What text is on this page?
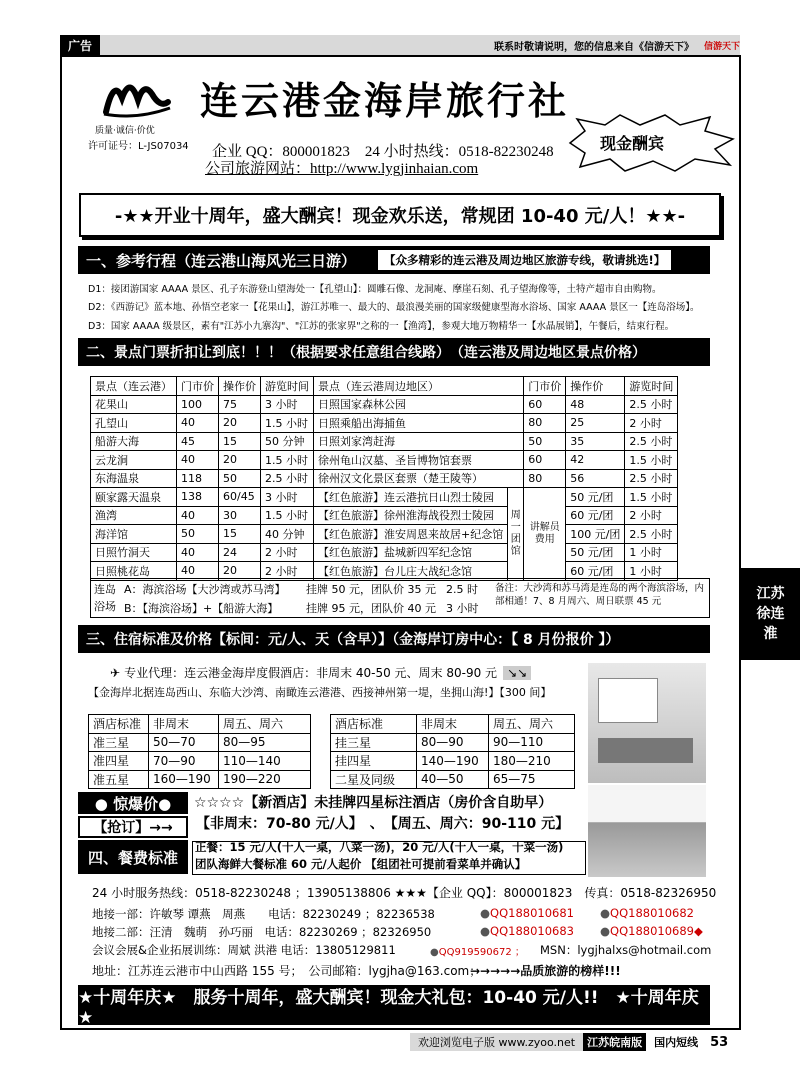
广告	联系时敬请说明，您的信息来自《信游天下》	信游天下
连云港金海岸旅行社
质量·诚信·价优
许可证号：L-JS07034 企业 QQ：800001823　24 小时热线：0518-82230248
公司旅游网站：http://www.lygjinhaian.com
现金酬宾
-★★开业十周年，盛大酬宾！现金欢乐送，常规团 10-40 元/人！★★-
一、参考行程（连云港山海风光三日游）	【众多精彩的连云港及周边地区旅游专线，敬请挑选!】
D1：接团游国家 AAAA 景区、孔子东游登山望海处一【孔望山】：圆雕石像、龙洞庵、摩崖石刻、孔子望海像等，土特产超市自由购物。
D2：《西游记》蓝本地、孙悟空老家一【花果山】，游江苏唯一、最大的、最浪漫美丽的国家级健康型海水浴场、国家 AAAA 景区一【连岛浴场】。
D3：国家 AAAA 级景区，素有"江苏小九寨沟"、"江苏的张家界"之称的一【渔湾】，参观大地万物精华一【水晶展销】，午餐后，结束行程。
二、景点门票折扣让到底！！！（根据要求任意组合线路）　（连云港及周边地区景点价格）
景点（连云港）	门市价	操作价	游览时间	景点（连云港周边地区）		门市价	操作价	游览时间
花果山	100	75	3 小时	日照国家森林公园		60	48	2.5 小时
孔望山	40	20	1.5 小时	日照乘船出海捕鱼		80	25	2 小时
船游大海	45	15	50 分钟	日照刘家湾赶海		50	35	2.5 小时
云龙涧	40	20	1.5 小时	徐州龟山汉墓、圣旨博物馆套票		60	42	1.5 小时
东海温泉	118	50	2.5 小时	徐州汉文化景区套票（楚王陵等）		80	56	2.5 小时
颐家露天温泉	138	60/45	3 小时	【红色旅游】连云港抗日山烈士陵园	周一团馆	讲解员费用	50 元/团	1.5 小时
渔湾	40	30	1.5 小时	【红色旅游】徐州淮海战役烈士陵园			60 元/团	2 小时
海洋馆	50	15	40 分钟	【红色旅游】淮安周恩来故居+纪念馆			100 元/团	2.5 小时
日照竹洞天	40	24	2 小时	【红色旅游】盐城新四军纪念馆			50 元/团	1 小时
日照桃花岛	40	20	2 小时	【红色旅游】台儿庄大战纪念馆			60 元/团	1 小时
连岛浴场
A：海滨浴场【大沙湾或苏马湾】 挂牌 50 元，团队价 35 元 2.5 时
B：【海滨浴场】+【船游大海】	挂牌 95 元，团队价 40 元 3 小时
备注：大沙湾和苏马湾是连岛的两个海滨浴场，内部相通！7、8 月周六、周日联票 45 元
三、住宿标准及价格【标间：元/人、天（含早）】（金海岸订房中心：【 8 月份报价 】）
✈ 专业代理：连云港金海岸度假酒店：非周末 40-50 元、周末 80-90 元 ↘↘
【金海岸北据连岛西山、东临大沙湾、南瞰连云港港、西接神州第一堤，坐拥山海!】【300 间】
酒店标准	非周末	周五、周六
准三星	50—70	80—95
准四星	70—90	110—140
准五星	160—190	190—220
酒店标准	非周末	周五、周六
挂三星	80—90	90—110
挂四星	140—190	180—210
二星及同级	40—50	65—75
● 惊爆价●
【抢订】→→
☆☆☆☆【新酒店】未挂牌四星标注酒店（房价含自助早）
【非周末：70-80 元/人】　、　【周五、周六：90-110 元】
四、餐费标准
正餐：15 元/人(十人一桌，八菜一汤)，20 元/人(十人一桌，十菜一汤)
团队海鲜大餐标准 60 元/人起价 【组团社可提前看菜单并确认】
24 小时服务热线：0518-82230248 ；13905138806 ★★★【企业 QQ】：800001823　传真：0518-82326950
地接一部：许敏琴 谭燕　周燕　　电话：82230249 ；82236538	●QQ188010681 ●QQ188010682
地接二部：汪清　魏萌　孙巧丽　电话：82230269 ；82326950	●QQ188010683 ●QQ188010689◆
会议会展&企业拓展训练：周斌 洪港 电话：13805129811	●QQ919590672 ； MSN：lygjhalxs@hotmail.com
地址：江苏连云港市中山西路 155 号；　公司邮箱：lygjha@163.com；
→→→→→品质旅游的榜样!!!
★十周年庆★　服务十周年，盛大酬宾！现金大礼包：10-40 元/人!!　★十周年庆★
江苏徐连淮
欢迎浏览电子版 www.zyoo.net	江苏皖南版	国内短线 53
